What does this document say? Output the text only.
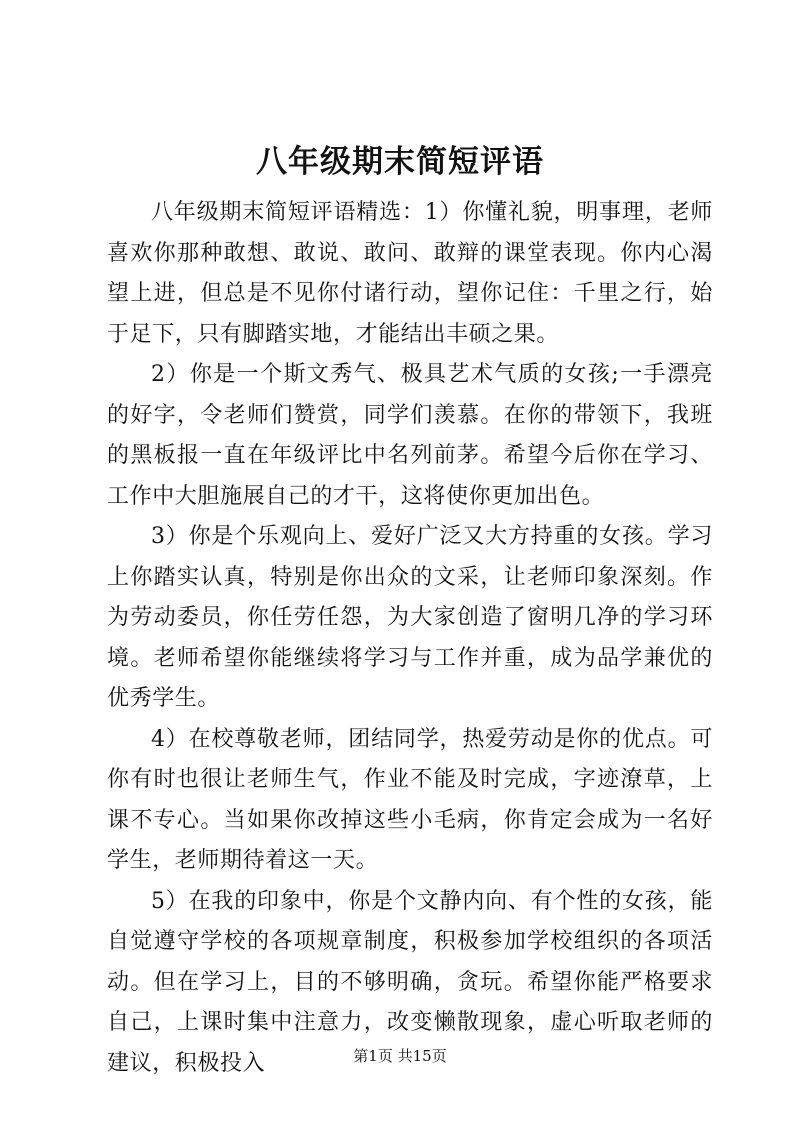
八年级期末简短评语

八年级期末简短评语精选：1）你懂礼貌，明事理，老师喜欢你那种敢想、敢说、敢问、敢辩的课堂表现。你内心渴望上进，但总是不见你付诸行动，望你记住：千里之行，始于足下，只有脚踏实地，才能结出丰硕之果。

2）你是一个斯文秀气、极具艺术气质的女孩;一手漂亮的好字，令老师们赞赏，同学们羡慕。在你的带领下，我班的黑板报一直在年级评比中名列前茅。希望今后你在学习、工作中大胆施展自己的才干，这将使你更加出色。

3）你是个乐观向上、爱好广泛又大方持重的女孩。学习上你踏实认真，特别是你出众的文采，让老师印象深刻。作为劳动委员，你任劳任怨，为大家创造了窗明几净的学习环境。老师希望你能继续将学习与工作并重，成为品学兼优的优秀学生。

4）在校尊敬老师，团结同学，热爱劳动是你的优点。可你有时也很让老师生气，作业不能及时完成，字迹潦草，上课不专心。当如果你改掉这些小毛病，你肯定会成为一名好学生，老师期待着这一天。

5）在我的印象中，你是个文静内向、有个性的女孩，能自觉遵守学校的各项规章制度，积极参加学校组织的各项活动。但在学习上，目的不够明确，贪玩。希望你能严格要求自己，上课时集中注意力，改变懒散现象，虚心听取老师的建议，积极投入	第1页 共15页
